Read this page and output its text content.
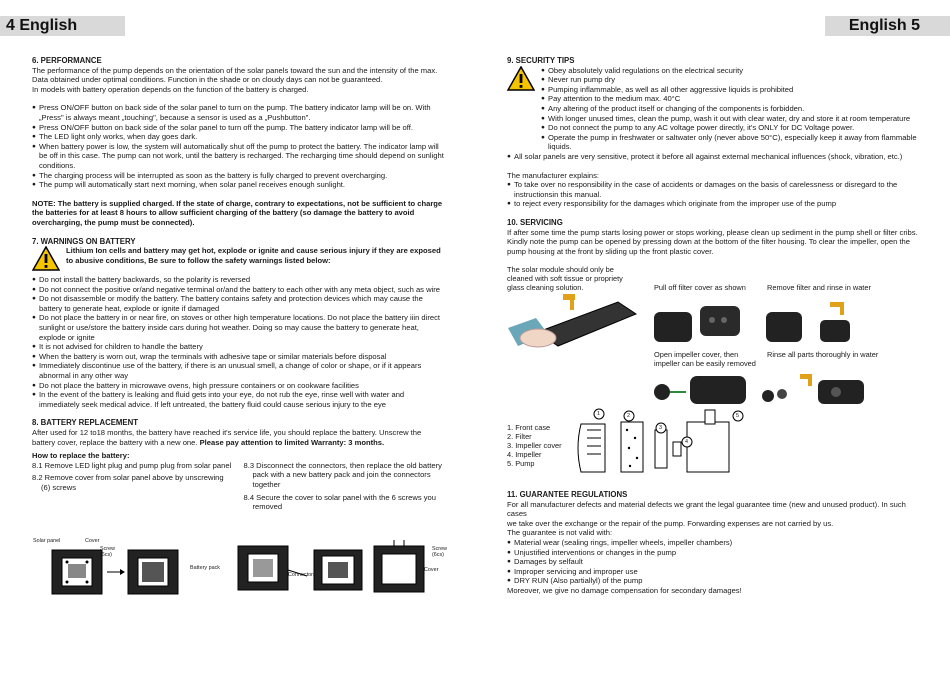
4 English	English 5
6. PERFORMANCE

The performance of the pump depends on the orientation of the solar panels toward the sun and the intensity of the max. Data obtained under optimal conditions. Function in the shade or on cloudy days can not be guaranteed.

In models with battery operation depends on the function of the battery is charged.

● Press ON/OFF button on back side of the solar panel to turn on the pump. The battery indicator lamp will be on. With „Press" is always meant „touching", because a sensor is used as a „Pushbutton".
● Press ON/OFF button on back side of the solar panel to turn off the pump. The battery indicator lamp will be off.
● The LED light only works, when day goes dark.
● When battery power is low, the system will automatically shut off the pump to protect the battery. The indicator lamp will be off in this case. The pump can not work, until the battery is recharged. The recharging time should depend on sunlight conditions.
● The charging process will be interrupted as soon as the battery is fully charged to prevent overcharging.
● The pump will automatically start next morning, when solar panel receives enough sunlight.

NOTE: The battery is supplied charged. If the state of charge, contrary to expectations, not be sufficient to charge the batteries for at least 8 hours to allow sufficient charging of the battery (so damage the battery to avoid overcharging, the pump must be connected).

7. WARNINGS ON BATTERY

Lithium Ion cells and battery may get hot, explode or ignite and cause serious injury if they are exposed to abusive conditions, Be sure to follow the safety warnings listed below:

● Do not install the battery backwards, so the polarity is reversed
● Do not connect the positive or/and negative terminal or/and the battery to each other with any meta object, such as wire
● Do not disassemble or modify the battery. The battery contains safety and protection devices which may cause the battery to generate heat, explode or ignite if damaged
● Do not place the battery in or near fire, on stoves or other high temperature locations. Do not place the battery iiin direct sunlight or use/store the battery inside cars during hot weather. Doing so may cause the battery to generate heat, explode or ignite
● It is not advised for children to handle the battery
● When the battery is worn out, wrap the terminals with adhesive tape or similar materials before disposal
● Immediately discontinue use of the battery, if there is an unusual smell, a change of color or shape, or if it appears abnormal in any other way
● Do not place the battery in microwave ovens, high pressure containers or on cookware facilities
● In the event of the battery is leaking and fluid gets into your eye, do not rub the eye, rinse well with water and immediately seek medical advice. If left untreated, the battery fluid could cause serious injury to the eye
8. BATTERY REPLACEMENT

After used for 12 to18 months, the battery have reached it's service life, you should replace the battery. Unscrew the battery cover, replace the battery with a new one. Please pay attention to limited Warranty: 3 months.

How to replace the battery:

8.1 Remove LED light plug and pump plug from solar panel

8.2 Remove cover from solar panel above by unscrewing (6) screws

8.3 Disconnect the connectors, then replace the old battery pack with a new battery pack and join the connectors together

8.4 Secure the cover to solar panel with the 6 screws you removed

Solar panel	Cover
Screw (6cs)
Battery pack
Connectors
Screw (6cs)
Cover
9. SECURITY TIPS
● Obey absolutely valid regulations on the electrical security
● Never run pump dry
● Pumping inflammable, as well as all other aggressive liquids is prohibited
● Pay attention to the medium max. 40°C
● Any altering of the product itself or changing of the components is forbidden.
● With longer unused times, clean the pump, wash it out with clear water, dry and store it at room temperature
● Do not connect the pump to any AC voltage power directly, it's ONLY for DC Voltage power.
● Operate the pump in freshwater or saltwater only (never above 50°C), especially keep it away from flammable liquids.
● All solar panels are very sensitive, protect it before all against external mechanical influences (shock, vibration, etc.)

The manufacturer explains:

● To take over no responsibility in the case of accidents or damages on the basis of carelessness or disregard to the instructionsin this manual.
● to reject every responsibility for the damages which originate from the improper use of the pump
10. SERVICING

If after some time the pump starts losing power or stops working, please clean up sediment in the pump shell or filter cribs. Kindly note the pump can be opened by pressing down at the bottom of the filter housing. To clear the impeller, open the pump housing at the front by sliding up the front plastic cover.

The solar module should only be cleaned with soft tissue or propriety glass cleaning solution.	Pull off filter cover as shown	Remove filter and rinse in water
Open impeller cover, then impeller can be easily removed
Rinse all parts thoroughly in water
1	2
3
4
5
1. Front case
2. Filter
3. Impeller cover
4. Impeller
5. Pump
11. GUARANTEE REGULATIONS

For all manufacturer defects and material defects we grant the legal guarantee time (new and unused product). In such cases

we take over the exchange or the repair of the pump. Forwarding expenses are not carried by us.

The guarantee is not valid with:

● Material wear (sealing rings, impeller wheels, impeller chambers)
● Unjustified interventions or changes in the pump
● Damages by selfault
● Improper servicing and improper use
● DRY RUN (Also partiallyl) of the pump

Moreover, we give no damage compensation for secondary damages!
